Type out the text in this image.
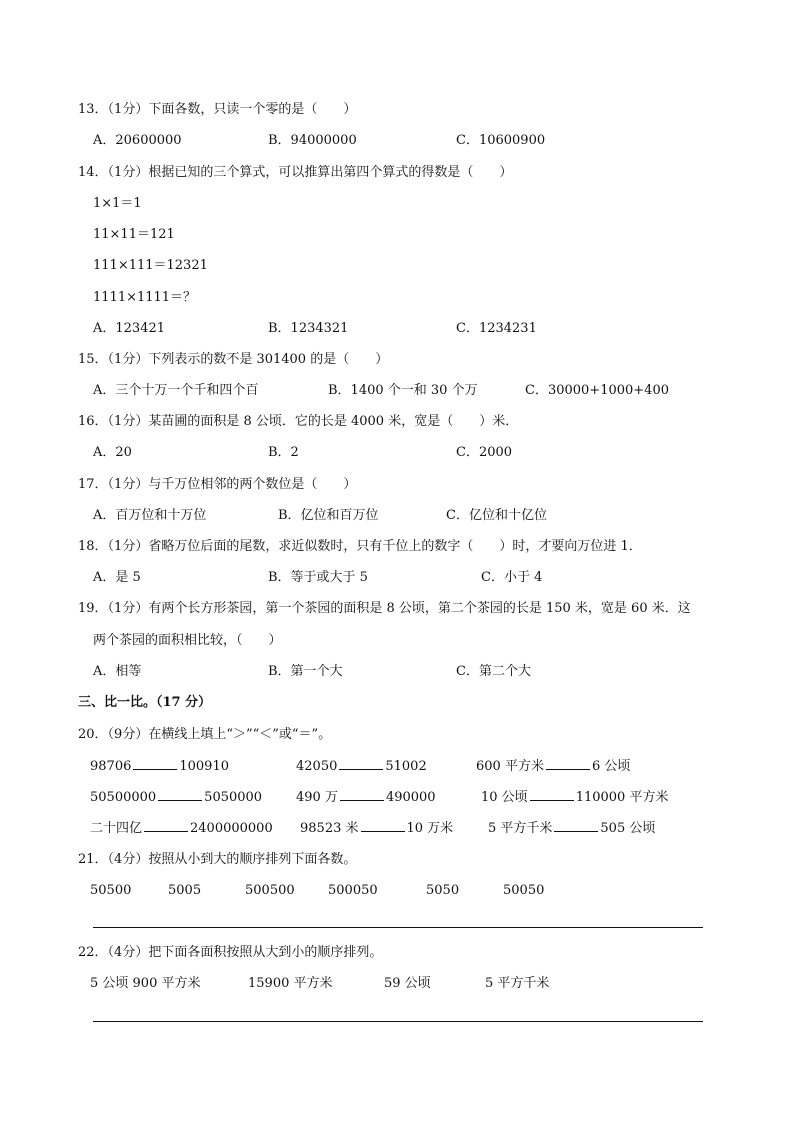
13．（1分）下面各数，只读一个零的是（　　）
A．20600000	B．94000000	C．10600900
14．（1分）根据已知的三个算式，可以推算出第四个算式的得数是（　　）
1×1＝1
11×11＝121
111×111＝12321
1111×1111＝？
A．123421	B．1234321	C．1234231
15．（1分）下列表示的数不是 301400 的是（　　）
A．三个十万一个千和四个百	B．1400 个一和 30 个万	C．30000+1000+400
16．（1分）某苗圃的面积是 8 公顷．它的长是 4000 米，宽是（　　）米．
A．20	B．2	C．2000
17．（1分）与千万位相邻的两个数位是（　　）
A．百万位和十万位	B．亿位和百万位	C．亿位和十亿位
18．（1分）省略万位后面的尾数，求近似数时，只有千位上的数字（　　）时，才要向万位进 1．
A．是 5	B．等于或大于 5	C．小于 4
19．（1分）有两个长方形茶园，第一个茶园的面积是 8 公顷，第二个茶园的长是 150 米，宽是 60 米．这
两个茶园的面积相比较，（　　）
A．相等	B．第一个大	C．第二个大
三、比一比。（17 分）
20．（9分）在横线上填上“＞”“＜”或“＝”。
98706	100910	42050	51002	600 平方米	6 公顷
50500000	5050000	490 万	490000	10 公顷	110000 平方米
二十四亿	2400000000 98523 米	10 万米	5 平方千米	505 公顷
21．（4分）按照从小到大的顺序排列下面各数。
50500	5005	500500	500050	5050	50050
22．（4分）把下面各面积按照从大到小的顺序排列。
5 公顷 900 平方米	15900 平方米	59 公顷	5 平方千米
